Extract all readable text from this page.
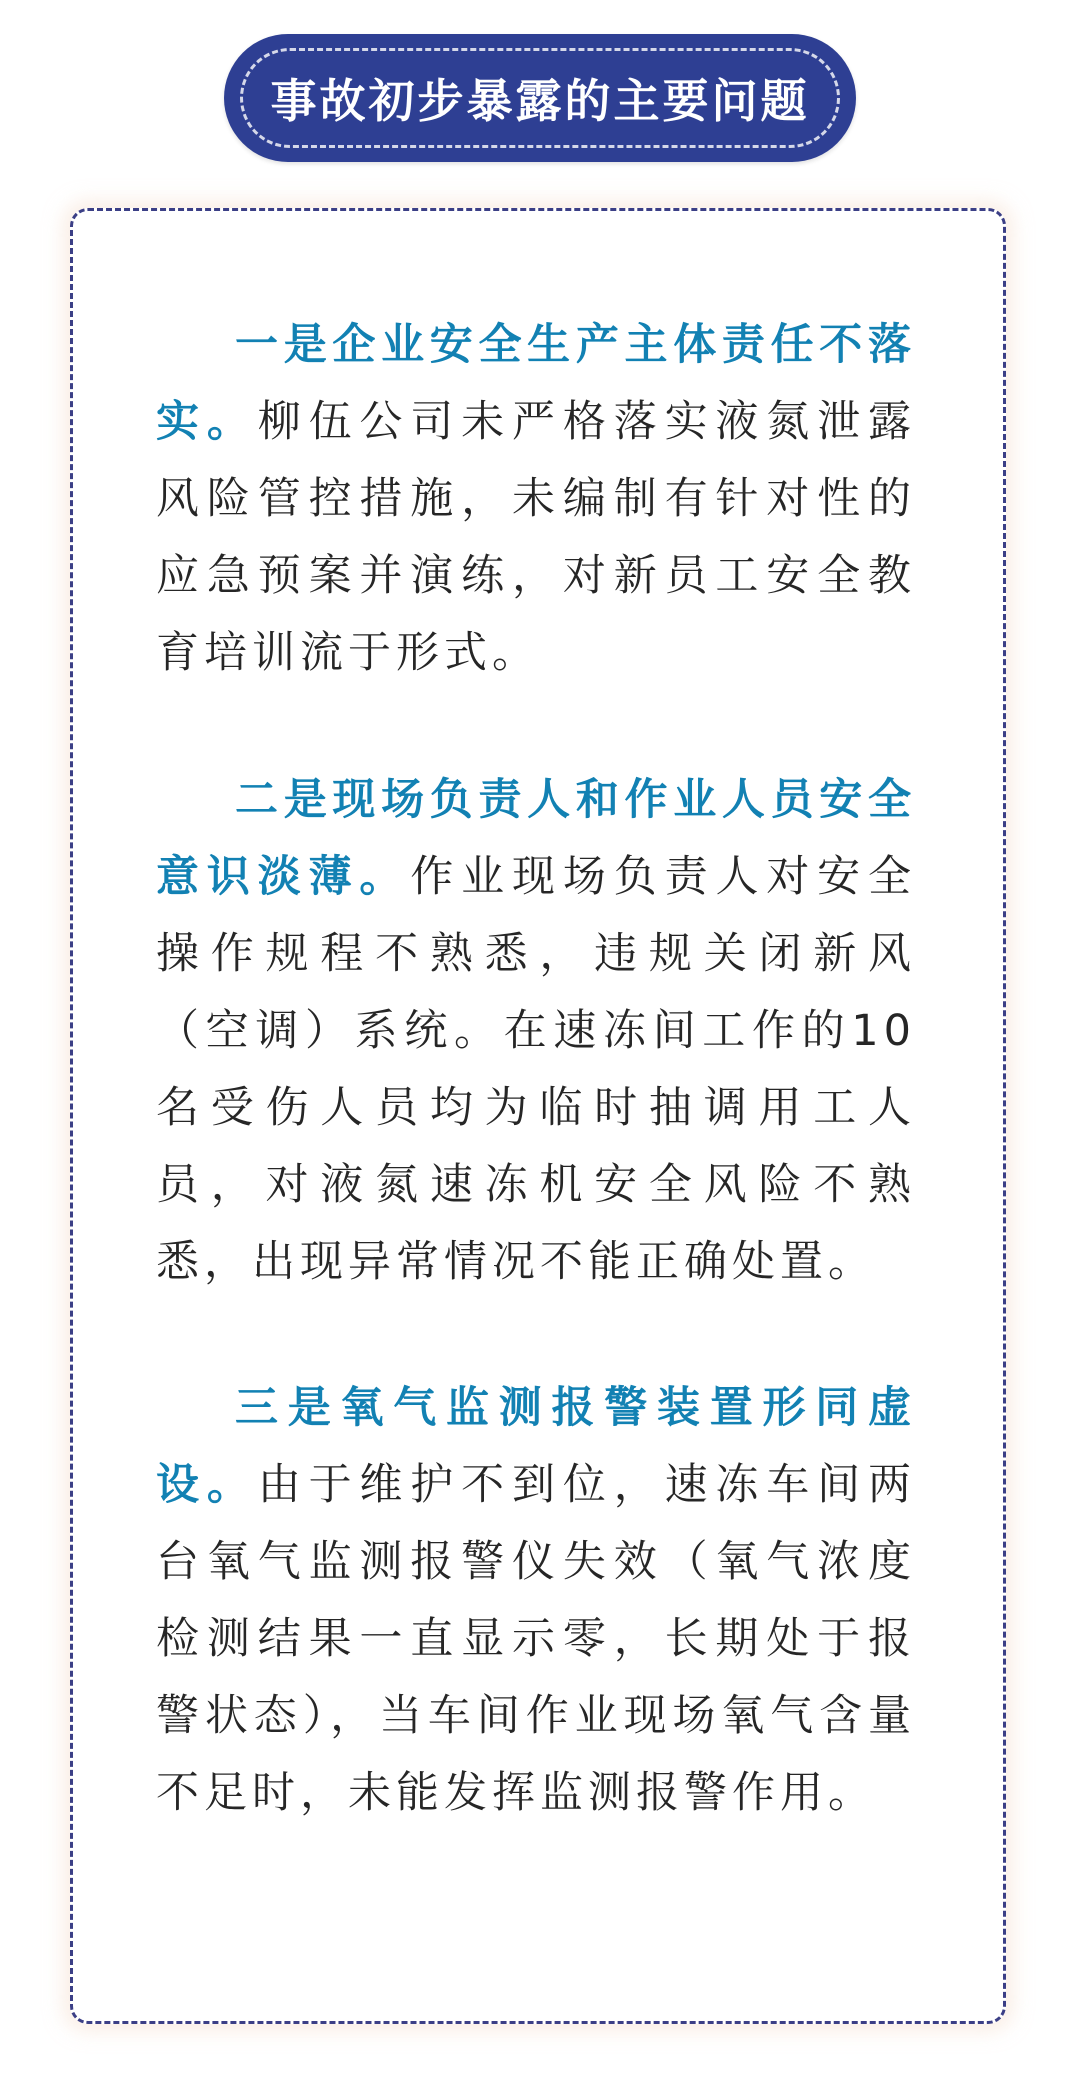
事故初步暴露的主要问题

一是企业安全生产主体责任不落实。柳伍公司未严格落实液氮泄露风险管控措施，未编制有针对性的应急预案并演练，对新员工安全教育培训流于形式。

二是现场负责人和作业人员安全意识淡薄。作业现场负责人对安全操作规程不熟悉，违规关闭新风（空调）系统。在速冻间工作的10名受伤人员均为临时抽调用工人员，对液氮速冻机安全风险不熟悉，出现异常情况不能正确处置。

三是氧气监测报警装置形同虚设。由于维护不到位，速冻车间两台氧气监测报警仪失效（氧气浓度检测结果一直显示零，长期处于报警状态），当车间作业现场氧气含量不足时，未能发挥监测报警作用。
